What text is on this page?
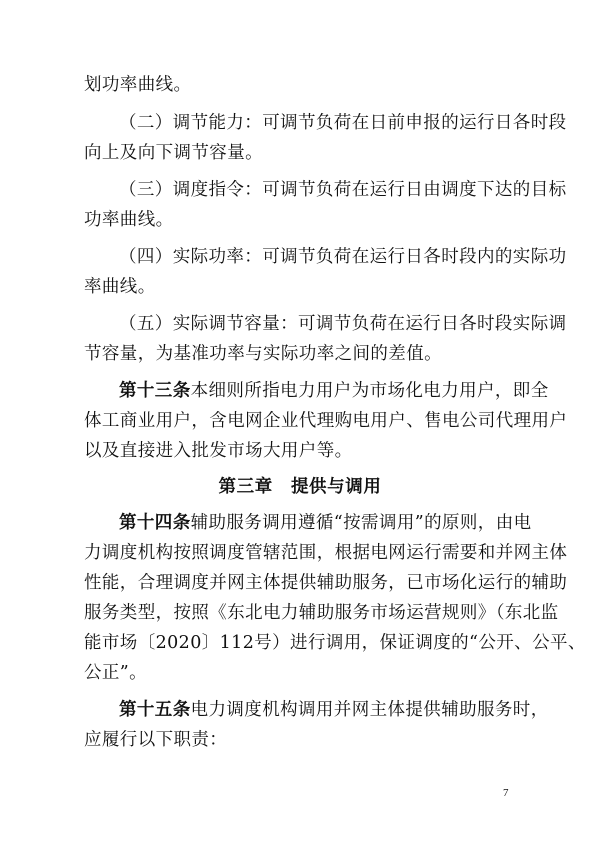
划功率曲线。
（二）调节能力：可调节负荷在日前申报的运行日各时段
向上及向下调节容量。
（三）调度指令：可调节负荷在运行日由调度下达的目标
功率曲线。
（四）实际功率：可调节负荷在运行日各时段内的实际功
率曲线。
（五）实际调节容量：可调节负荷在运行日各时段实际调
节容量，为基准功率与实际功率之间的差值。
第十三条本细则所指电力用户为市场化电力用户，即全
体工商业用户，含电网企业代理购电用户、售电公司代理用户
以及直接进入批发市场大用户等。
第三章　提供与调用
第十四条辅助服务调用遵循“按需调用”的原则，由电
力调度机构按照调度管辖范围，根据电网运行需要和并网主体
性能，合理调度并网主体提供辅助服务，已市场化运行的辅助
服务类型，按照《东北电力辅助服务市场运营规则》（东北监
能市场〔2020〕112号）进行调用，保证调度的“公开、公平、
公正”。
第十五条电力调度机构调用并网主体提供辅助服务时，
应履行以下职责：
7
